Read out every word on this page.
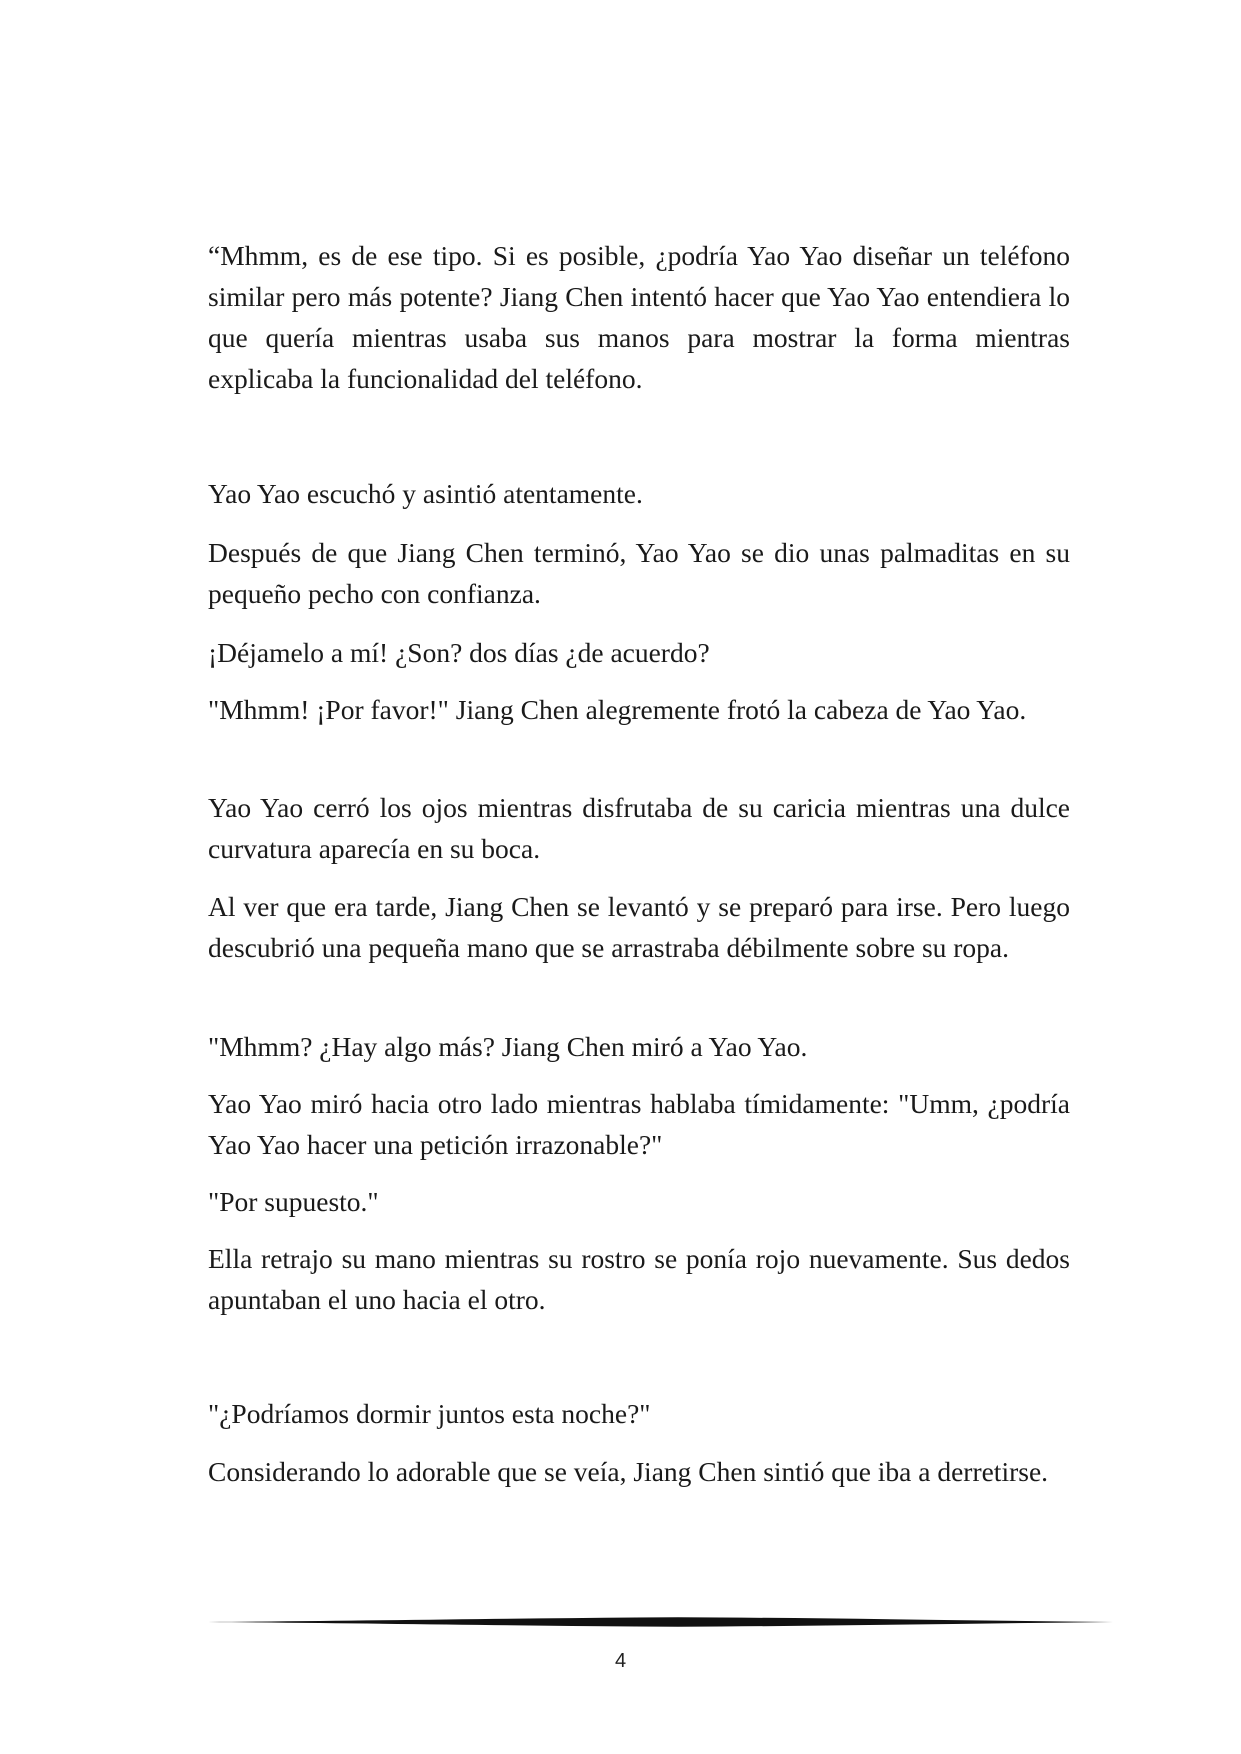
“Mhmm, es de ese tipo. Si es posible, ¿podría Yao Yao diseñar un teléfono similar pero más potente? Jiang Chen intentó hacer que Yao Yao entendiera lo que quería mientras usaba sus manos para mostrar la forma mientras explicaba la funcionalidad del teléfono.

Yao Yao escuchó y asintió atentamente.

Después de que Jiang Chen terminó, Yao Yao se dio unas palmaditas en su pequeño pecho con confianza.

¡Déjamelo a mí! ¿Son? dos días ¿de acuerdo?

"Mhmm! ¡Por favor!" Jiang Chen alegremente frotó la cabeza de Yao Yao.

Yao Yao cerró los ojos mientras disfrutaba de su caricia mientras una dulce curvatura aparecía en su boca.

Al ver que era tarde, Jiang Chen se levantó y se preparó para irse. Pero luego descubrió una pequeña mano que se arrastraba débilmente sobre su ropa.

"Mhmm? ¿Hay algo más? Jiang Chen miró a Yao Yao.

Yao Yao miró hacia otro lado mientras hablaba tímidamente: "Umm, ¿podría Yao Yao hacer una petición irrazonable?"

"Por supuesto."

Ella retrajo su mano mientras su rostro se ponía rojo nuevamente. Sus dedos apuntaban el uno hacia el otro.

"¿Podríamos dormir juntos esta noche?"

Considerando lo adorable que se veía, Jiang Chen sintió que iba a derretirse.

4
